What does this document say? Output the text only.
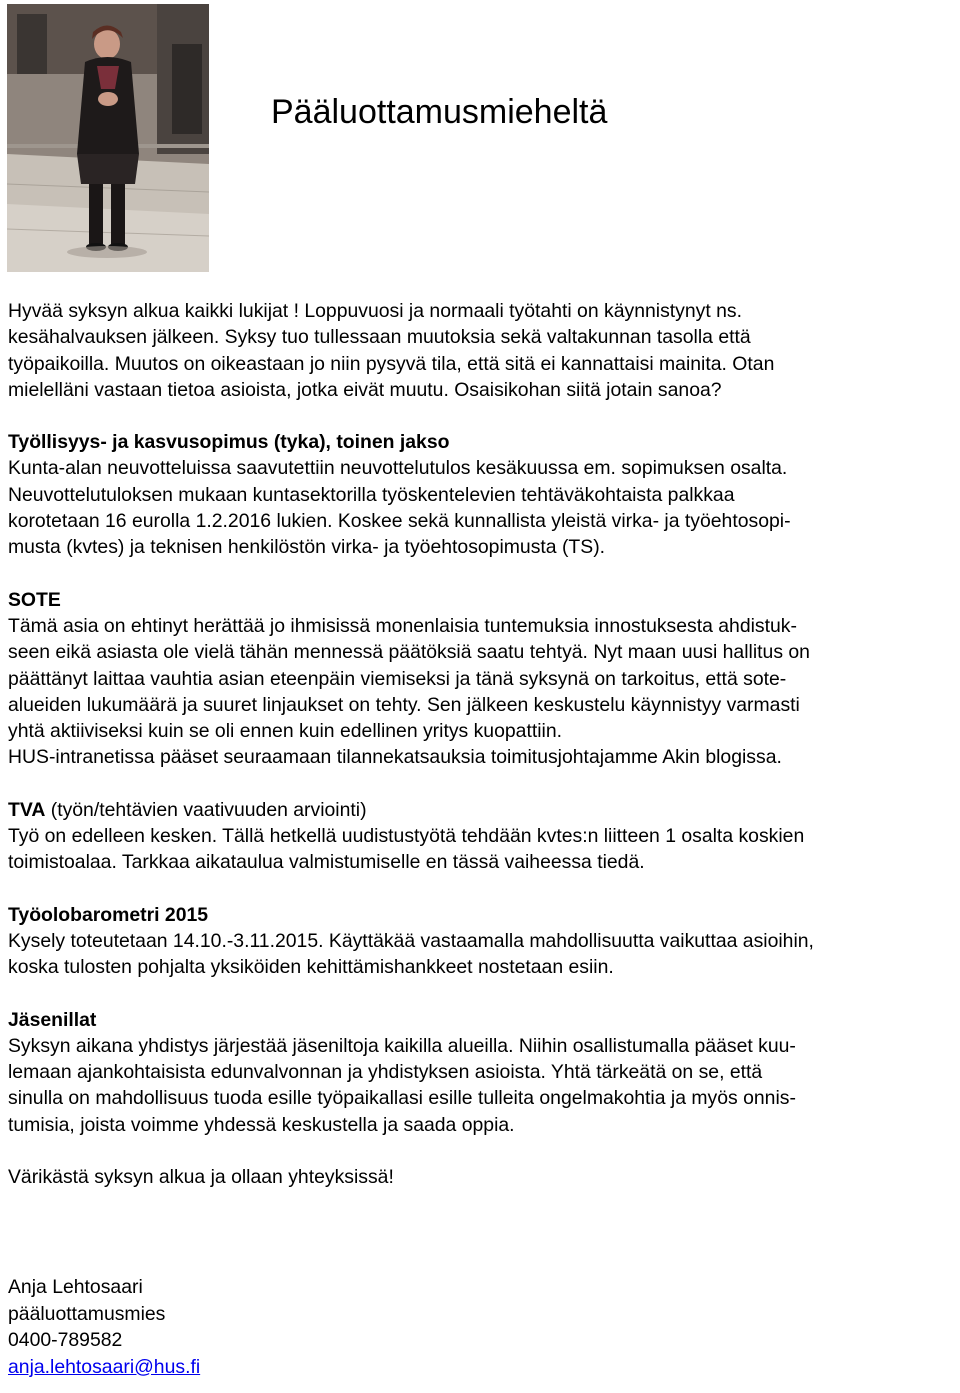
Pääluottamusmieheltä

Hyvää syksyn alkua kaikki lukijat ! Loppuvuosi ja normaali työtahti on käynnistynyt ns.

kesähalvauksen jälkeen. Syksy tuo tullessaan muutoksia sekä valtakunnan tasolla että

työpaikoilla. Muutos on oikeastaan jo niin pysyvä tila, että sitä ei kannattaisi mainita. Otan

mielelläni vastaan tietoa asioista, jotka eivät muutu. Osaisikohan siitä jotain sanoa?

Työllisyys- ja kasvusopimus (tyka), toinen jakso

Kunta-alan neuvotteluissa saavutettiin neuvottelutulos kesäkuussa em. sopimuksen osalta.

Neuvottelutuloksen mukaan kuntasektorilla työskentelevien tehtäväkohtaista palkkaa

korotetaan 16 eurolla 1.2.2016 lukien. Koskee sekä kunnallista yleistä virka- ja työehtosopi-

musta (kvtes) ja teknisen henkilöstön virka- ja työehtosopimusta (TS).

SOTE

Tämä asia on ehtinyt herättää jo ihmisissä monenlaisia tuntemuksia innostuksesta ahdistuk-

seen eikä asiasta ole vielä tähän mennessä päätöksiä saatu tehtyä. Nyt maan uusi hallitus on

päättänyt laittaa vauhtia asian eteenpäin viemiseksi ja tänä syksynä on tarkoitus, että sote-

alueiden lukumäärä ja suuret linjaukset on tehty. Sen jälkeen keskustelu käynnistyy varmasti

yhtä aktiiviseksi kuin se oli ennen kuin edellinen yritys kuopattiin.

HUS-intranetissa pääset seuraamaan tilannekatsauksia toimitusjohtajamme Akin blogissa.

TVA (työn/tehtävien vaativuuden arviointi)

Työ on edelleen kesken. Tällä hetkellä uudistustyötä tehdään kvtes:n liitteen 1 osalta koskien

toimistoalaa. Tarkkaa aikataulua valmistumiselle en tässä vaiheessa tiedä.

Työolobarometri 2015

Kysely toteutetaan 14.10.-3.11.2015. Käyttäkää vastaamalla mahdollisuutta vaikuttaa asioihin,

koska tulosten pohjalta yksiköiden kehittämishankkeet nostetaan esiin.

Jäsenillat

Syksyn aikana yhdistys järjestää jäseniltoja kaikilla alueilla. Niihin osallistumalla pääset kuu-

lemaan ajankohtaisista edunvalvonnan ja yhdistyksen asioista. Yhtä tärkeätä on se, että

sinulla on mahdollisuus tuoda esille työpaikallasi esille tulleita ongelmakohtia ja myös onnis-

tumisia, joista voimme yhdessä keskustella ja saada oppia.

Värikästä syksyn alkua ja ollaan yhteyksissä!

Anja Lehtosaari

pääluottamusmies

0400-789582

anja.lehtosaari@hus.fi
